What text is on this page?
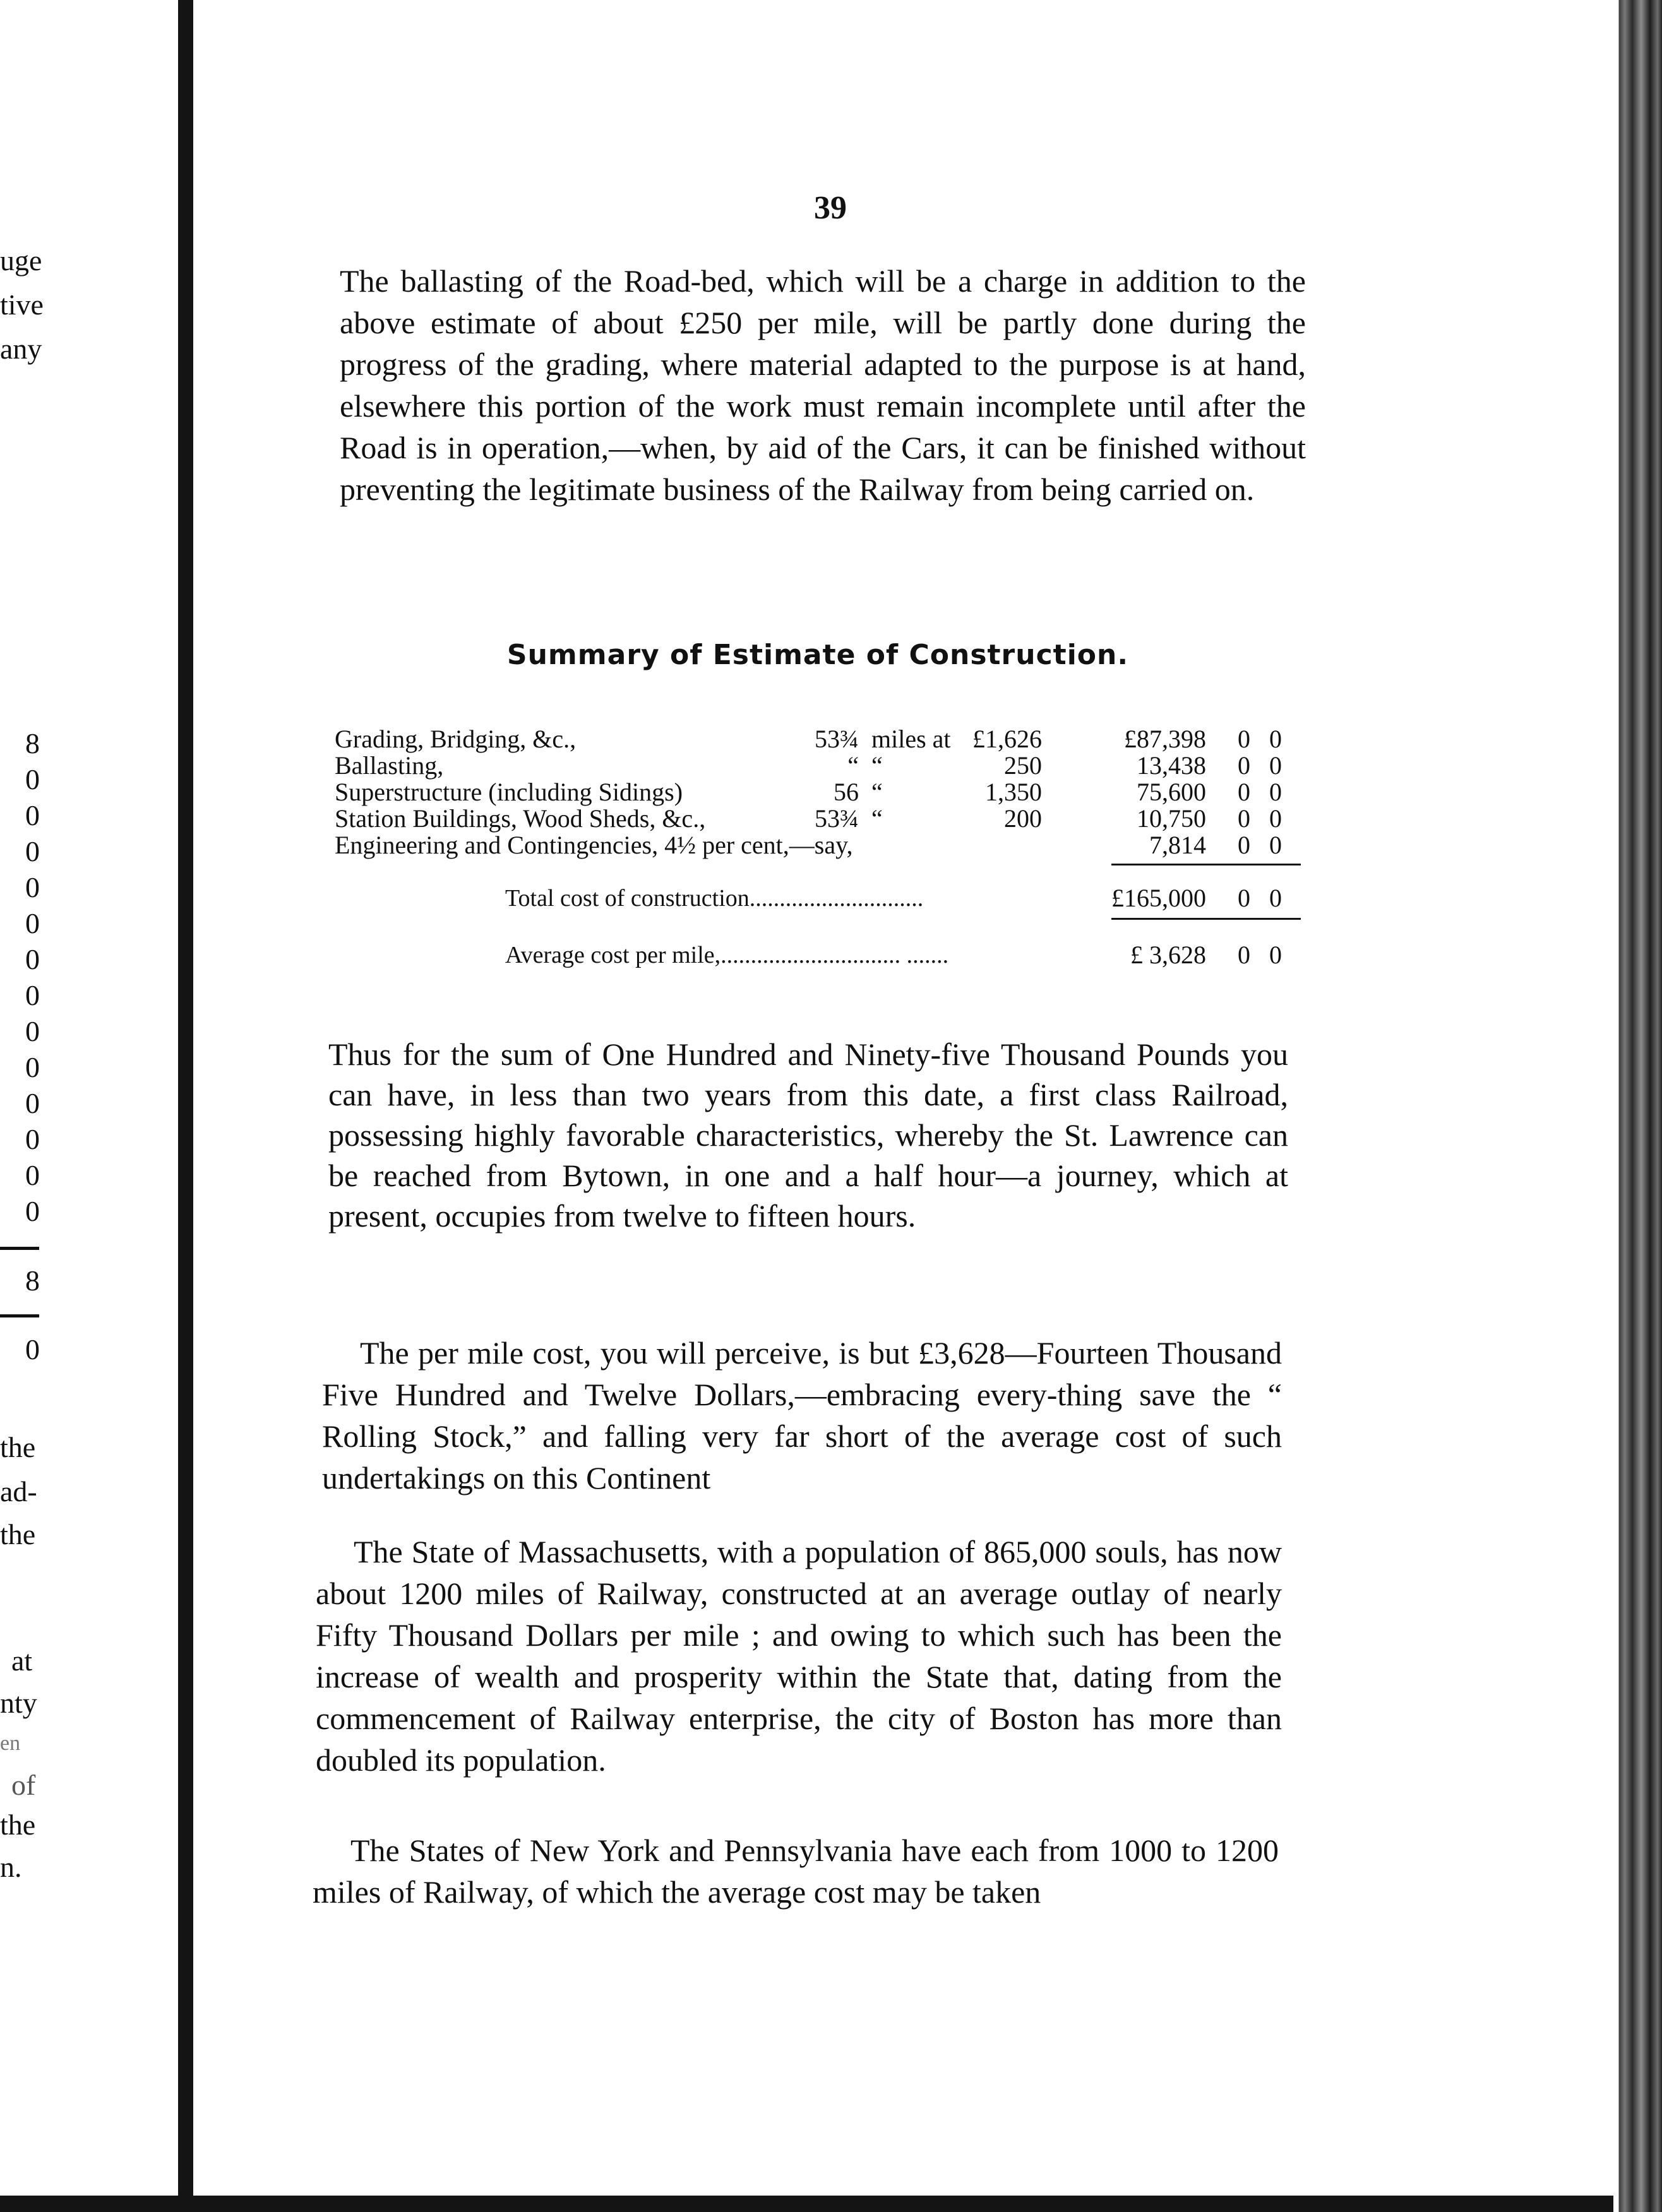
uge
tive
any
8
0
0
0
0
0
0
0
0
0
0
0
0
0
8
0
the
ad-
the
at
nty
en
of
the
n.
39
The ballasting of the Road-bed, which will be a charge in addition to the above estimate of about £250 per mile, will be partly done during the progress of the grading, where material adapted to the purpose is at hand, elsewhere this portion of the work must remain incomplete until after the Road is in operation,—when, by aid of the Cars, it can be finished without preventing the legitimate business of the Railway from being carried on.
Summary of Estimate of Construction.
Grading, Bridging, &c.,	53¾ miles at £1,626	£87,398 0 0
Ballasting,	“ “	250	13,438 0 0
Superstructure (including Sidings)	56 “	1,350	75,600 0 0
Station Buildings, Wood Sheds, &c.,	53¾ “	200	10,750 0 0
Engineering and Contingencies, 4½ per cent,—say,	7,814 0 0
Total cost of construction.............................	£165,000 0 0
Average cost per mile,.............................. .......	£ 3,628 0 0
Thus for the sum of One Hundred and Ninety-five Thousand Pounds you can have, in less than two years from this date, a first class Railroad, possessing highly favorable characteristics, whereby the St. Lawrence can be reached from Bytown, in one and a half hour—a journey, which at present, occupies from twelve to fifteen hours.
The per mile cost, you will perceive, is but £3,628—Fourteen Thousand Five Hundred and Twelve Dollars,—embracing every-thing save the “ Rolling Stock,” and falling very far short of the average cost of such undertakings on this Continent
The State of Massachusetts, with a population of 865,000 souls, has now about 1200 miles of Railway, constructed at an average outlay of nearly Fifty Thousand Dollars per mile ; and owing to which such has been the increase of wealth and prosperity within the State that, dating from the commencement of Railway enterprise, the city of Boston has more than doubled its population.
The States of New York and Pennsylvania have each from 1000 to 1200 miles of Railway, of which the average cost may be taken
